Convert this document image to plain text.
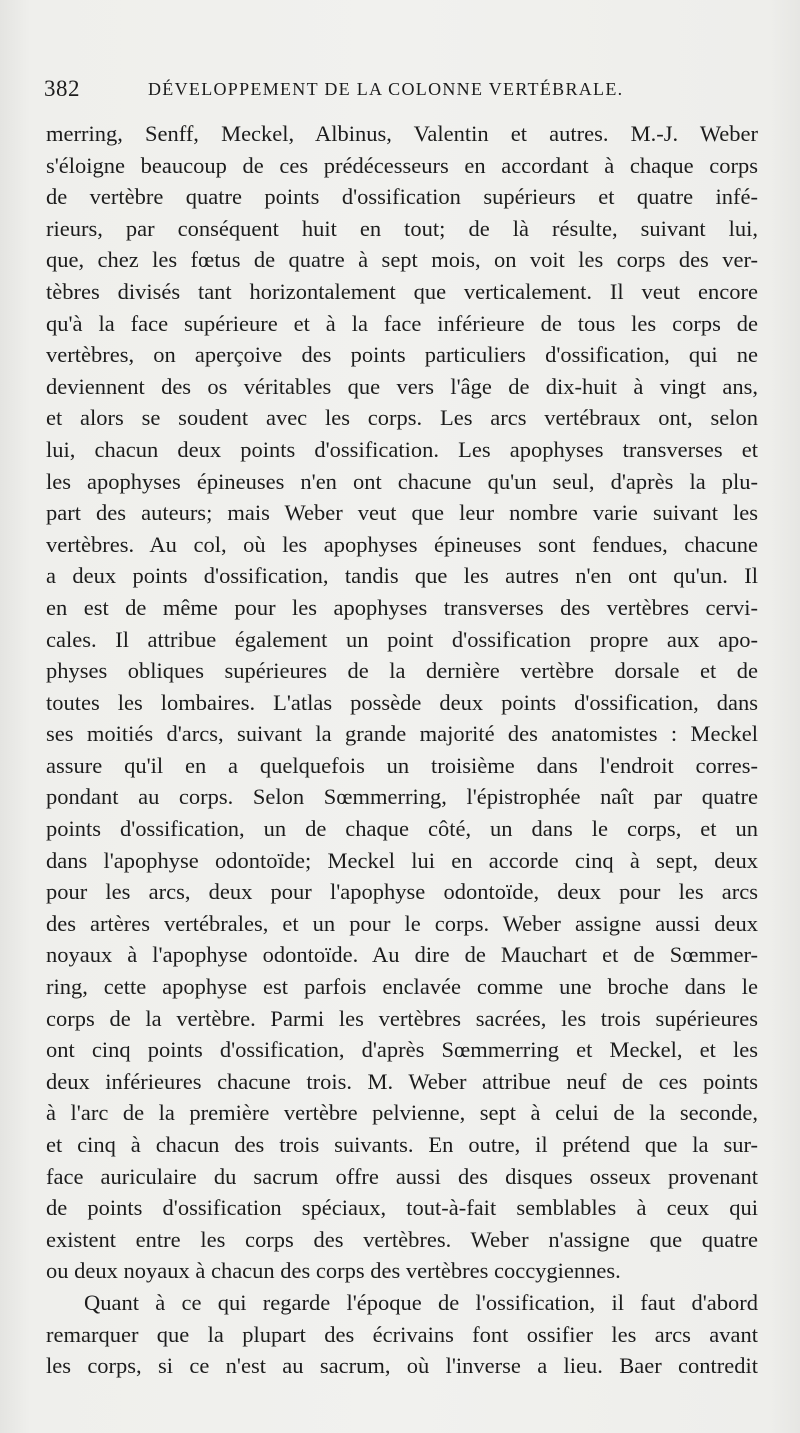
382	DÉVELOPPEMENT DE LA COLONNE VERTÉBRALE.
merring, Senff, Meckel, Albinus, Valentin et autres. M.-J. Weber
s'éloigne beaucoup de ces prédécesseurs en accordant à chaque corps
de vertèbre quatre points d'ossification supérieurs et quatre infé-
rieurs, par conséquent huit en tout; de là résulte, suivant lui,
que, chez les fœtus de quatre à sept mois, on voit les corps des ver-
tèbres divisés tant horizontalement que verticalement. Il veut encore
qu'à la face supérieure et à la face inférieure de tous les corps de
vertèbres, on aperçoive des points particuliers d'ossification, qui ne
deviennent des os véritables que vers l'âge de dix-huit à vingt ans,
et alors se soudent avec les corps. Les arcs vertébraux ont, selon
lui, chacun deux points d'ossification. Les apophyses transverses et
les apophyses épineuses n'en ont chacune qu'un seul, d'après la plu-
part des auteurs; mais Weber veut que leur nombre varie suivant les
vertèbres. Au col, où les apophyses épineuses sont fendues, chacune
a deux points d'ossification, tandis que les autres n'en ont qu'un. Il
en est de même pour les apophyses transverses des vertèbres cervi-
cales. Il attribue également un point d'ossification propre aux apo-
physes obliques supérieures de la dernière vertèbre dorsale et de
toutes les lombaires. L'atlas possède deux points d'ossification, dans
ses moitiés d'arcs, suivant la grande majorité des anatomistes : Meckel
assure qu'il en a quelquefois un troisième dans l'endroit corres-
pondant au corps. Selon Sœmmerring, l'épistrophée naît par quatre
points d'ossification, un de chaque côté, un dans le corps, et un
dans l'apophyse odontoïde; Meckel lui en accorde cinq à sept, deux
pour les arcs, deux pour l'apophyse odontoïde, deux pour les arcs
des artères vertébrales, et un pour le corps. Weber assigne aussi deux
noyaux à l'apophyse odontoïde. Au dire de Mauchart et de Sœmmer-
ring, cette apophyse est parfois enclavée comme une broche dans le
corps de la vertèbre. Parmi les vertèbres sacrées, les trois supérieures
ont cinq points d'ossification, d'après Sœmmerring et Meckel, et les
deux inférieures chacune trois. M. Weber attribue neuf de ces points
à l'arc de la première vertèbre pelvienne, sept à celui de la seconde,
et cinq à chacun des trois suivants. En outre, il prétend que la sur-
face auriculaire du sacrum offre aussi des disques osseux provenant
de points d'ossification spéciaux, tout-à-fait semblables à ceux qui
existent entre les corps des vertèbres. Weber n'assigne que quatre
ou deux noyaux à chacun des corps des vertèbres coccygiennes.
Quant à ce qui regarde l'époque de l'ossification, il faut d'abord
remarquer que la plupart des écrivains font ossifier les arcs avant
les corps, si ce n'est au sacrum, où l'inverse a lieu. Baer contredit
